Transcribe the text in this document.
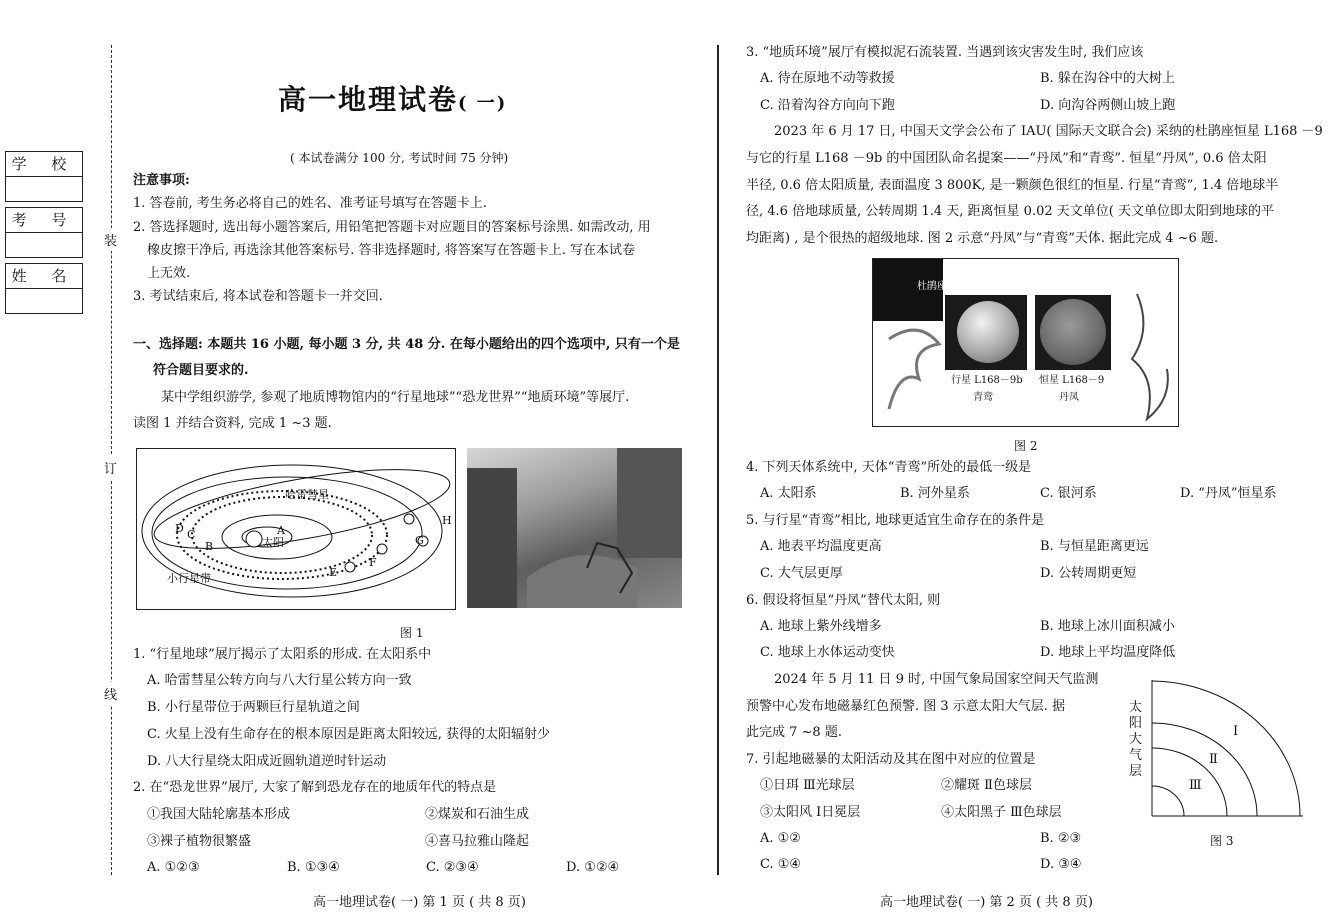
学 校
考 号
姓 名
装
订
线
高一地理试卷( 一)
( 本试卷满分 100 分, 考试时间 75 分钟)
注意事项:
1. 答卷前, 考生务必将自己的姓名、准考证号填写在答题卡上.
2. 答选择题时, 选出每小题答案后, 用铅笔把答题卡对应题目的答案标号涂黑. 如需改动, 用
橡皮擦干净后, 再选涂其他答案标号. 答非选择题时, 将答案写在答题卡上. 写在本试卷
上无效.
3. 考试结束后, 将本试卷和答题卡一并交回.
一、选择题: 本题共 16 小题, 每小题 3 分, 共 48 分. 在每小题给出的四个选项中, 只有一个是
符合题目要求的.
某中学组织游学, 参观了地质博物馆内的“行星地球”“恐龙世界”“地质环境”等展厅.
读图 1 并结合资料, 完成 1 ~3 题.
哈雷彗星
太阳
小行星带
A
B
C
D
E
F
G
H
图 1
1. “行星地球”展厅揭示了太阳系的形成. 在太阳系中
A. 哈雷彗星公转方向与八大行星公转方向一致
B. 小行星带位于两颗巨行星轨道之间
C. 火星上没有生命存在的根本原因是距离太阳较远, 获得的太阳辐射少
D. 八大行星绕太阳成近圆轨道逆时针运动
2. 在“恐龙世界”展厅, 大家了解到恐龙存在的地质年代的特点是
①我国大陆轮廓基本形成	②煤炭和石油生成
③裸子植物很繁盛	④喜马拉雅山隆起
A. ①②③	B. ①③④	C. ②③④	D. ①②④
高一地理试卷( 一) 第 1 页 ( 共 8 页)
3. “地质环境”展厅有模拟泥石流装置. 当遇到该灾害发生时, 我们应该
A. 待在原地不动等救援	B. 躲在沟谷中的大树上
C. 沿着沟谷方向向下跑	D. 向沟谷两侧山坡上跑
2023 年 6 月 17 日, 中国天文学会公布了 IAU( 国际天文联合会) 采纳的杜鹃座恒星 L168 －9
与它的行星 L168 －9b 的中国团队命名提案——“丹凤”和“青鸾”. 恒星“丹凤”, 0.6 倍太阳
半径, 0.6 倍太阳质量, 表面温度 3 800K, 是一颗颜色很红的恒星. 行星“青鸾”, 1.4 倍地球半
径, 4.6 倍地球质量, 公转周期 1.4 天, 距离恒星 0.02 天文单位( 天文单位即太阳到地球的平
均距离) , 是个很热的超级地球. 图 2 示意“丹凤”与“青鸾”天体. 据此完成 4 ~6 题.
杜鹃座
行星 L168－9b
青鸾
恒星 L168－9
丹凤
图 2
4. 下列天体系统中, 天体“青鸾”所处的最低一级是
A. 太阳系	B. 河外星系	C. 银河系	D. “丹凤”恒星系
5. 与行星“青鸾”相比, 地球更适宜生命存在的条件是
A. 地表平均温度更高	B. 与恒星距离更远
C. 大气层更厚	D. 公转周期更短
6. 假设将恒星“丹凤”替代太阳, 则
A. 地球上紫外线增多	B. 地球上冰川面积减小
C. 地球上水体运动变快	D. 地球上平均温度降低
2024 年 5 月 11 日 9 时, 中国气象局国家空间天气监测
预警中心发布地磁暴红色预警. 图 3 示意太阳大气层. 据
此完成 7 ~8 题.
7. 引起地磁暴的太阳活动及其在图中对应的位置是
①日珥 Ⅲ光球层	②耀斑 Ⅱ色球层
③太阳风 Ⅰ日冕层	④太阳黑子 Ⅲ色球层
A. ①②	B. ②③
C. ①④	D. ③④
太阳大气层
Ⅰ
Ⅱ
Ⅲ
图 3
高一地理试卷( 一) 第 2 页 ( 共 8 页)
